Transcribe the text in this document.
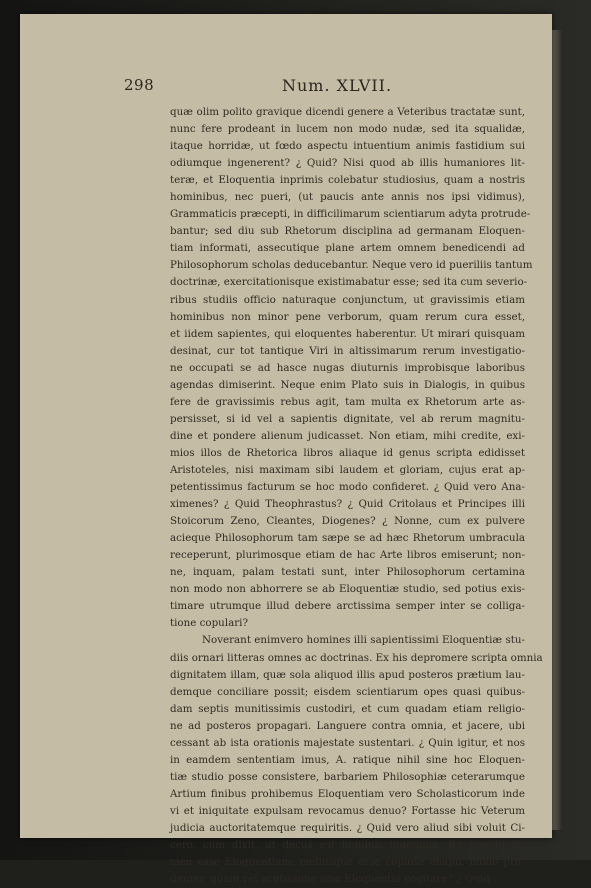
298	Num. XLVII.
quæ olim polito gravique dicendi genere a Veteribus tractatæ sunt,
nunc fere prodeant in lucem non modo nudæ, sed ita squalidæ,
itaque horridæ, ut fœdo aspectu intuentium animis fastidium sui
odiumque ingenerent? ¿ Quid? Nisi quod ab illis humaniores lit-
teræ, et Eloquentia inprimis colebatur studiosius, quam a nostris
hominibus, nec pueri, (ut paucis ante annis nos ipsi vidimus),
Grammaticis præcepti, in difficilimarum scientiarum adyta protrude-
bantur; sed diu sub Rhetorum disciplina ad germanam Eloquen-
tiam informati, assecutique plane artem omnem benedicendi ad
Philosophorum scholas deducebantur. Neque vero id pueriliis tantum
doctrinæ, exercitationisque existimabatur esse; sed ita cum severio-
ribus studiis officio naturaque conjunctum, ut gravissimis etiam
hominibus non minor pene verborum, quam rerum cura esset,
et iidem sapientes, qui eloquentes haberentur. Ut mirari quisquam
desinat, cur tot tantique Viri in altissimarum rerum investigatio-
ne occupati se ad hasce nugas diuturnis improbisque laboribus
agendas dimiserint. Neque enim Plato suis in Dialogis, in quibus
fere de gravissimis rebus agit, tam multa ex Rhetorum arte as-
persisset, si id vel a sapientis dignitate, vel ab rerum magnitu-
dine et pondere alienum judicasset. Non etiam, mihi credite, exi-
mios illos de Rhetorica libros aliaque id genus scripta edidisset
Aristoteles, nisi maximam sibi laudem et gloriam, cujus erat ap-
petentissimus facturum se hoc modo confideret. ¿ Quid vero Ana-
ximenes? ¿ Quid Theophrastus? ¿ Quid Critolaus et Principes illi
Stoicorum Zeno, Cleantes, Diogenes? ¿ Nonne, cum ex pulvere
acieque Philosophorum tam sæpe se ad hæc Rhetorum umbracula
receperunt, plurimosque etiam de hac Arte libros emiserunt; non-
ne, inquam, palam testati sunt, inter Philosophorum certamina
non modo non abhorrere se ab Eloquentiæ studio, sed potius exis-
timare utrumque illud debere arctissima semper inter se colliga-
tione copulari?
Noverant enimvero homines illi sapientissimi Eloquentiæ stu-
diis ornari litteras omnes ac doctrinas. Ex his depromere scripta omnia
dignitatem illam, quæ sola aliquod illis apud posteros prætium lau-
demque conciliare possit; eisdem scientiarum opes quasi quibus-
dam septis munitissimis custodiri, et cum quadam etiam religio-
ne ad posteros propagari. Languere contra omnia, et jacere, ubi
cessant ab ista orationis majestate sustentari. ¿ Quin igitur, et nos
in eamdem sententiam imus, A. ratique nihil sine hoc Eloquen-
tiæ studio posse consistere, barbariem Philosophiæ ceterarumque
Artium finibus prohibemus Eloquentiam vero Scholasticorum inde
vi et iniquitate expulsam revocamus denuo? Fortasse hic Veterum
judicia auctoritatemque requiritis. ¿ Quid vero aliud sibi voluit Ci-
cero, cum dixit, ut decus est hominis ingenium, ita ingenii lu-
men esse Eloquentiam; meliusque esse copiose eloqui, modo pru-
denter, quam vel acutissime sine Eloquentia cogitare? ¿ Quid
